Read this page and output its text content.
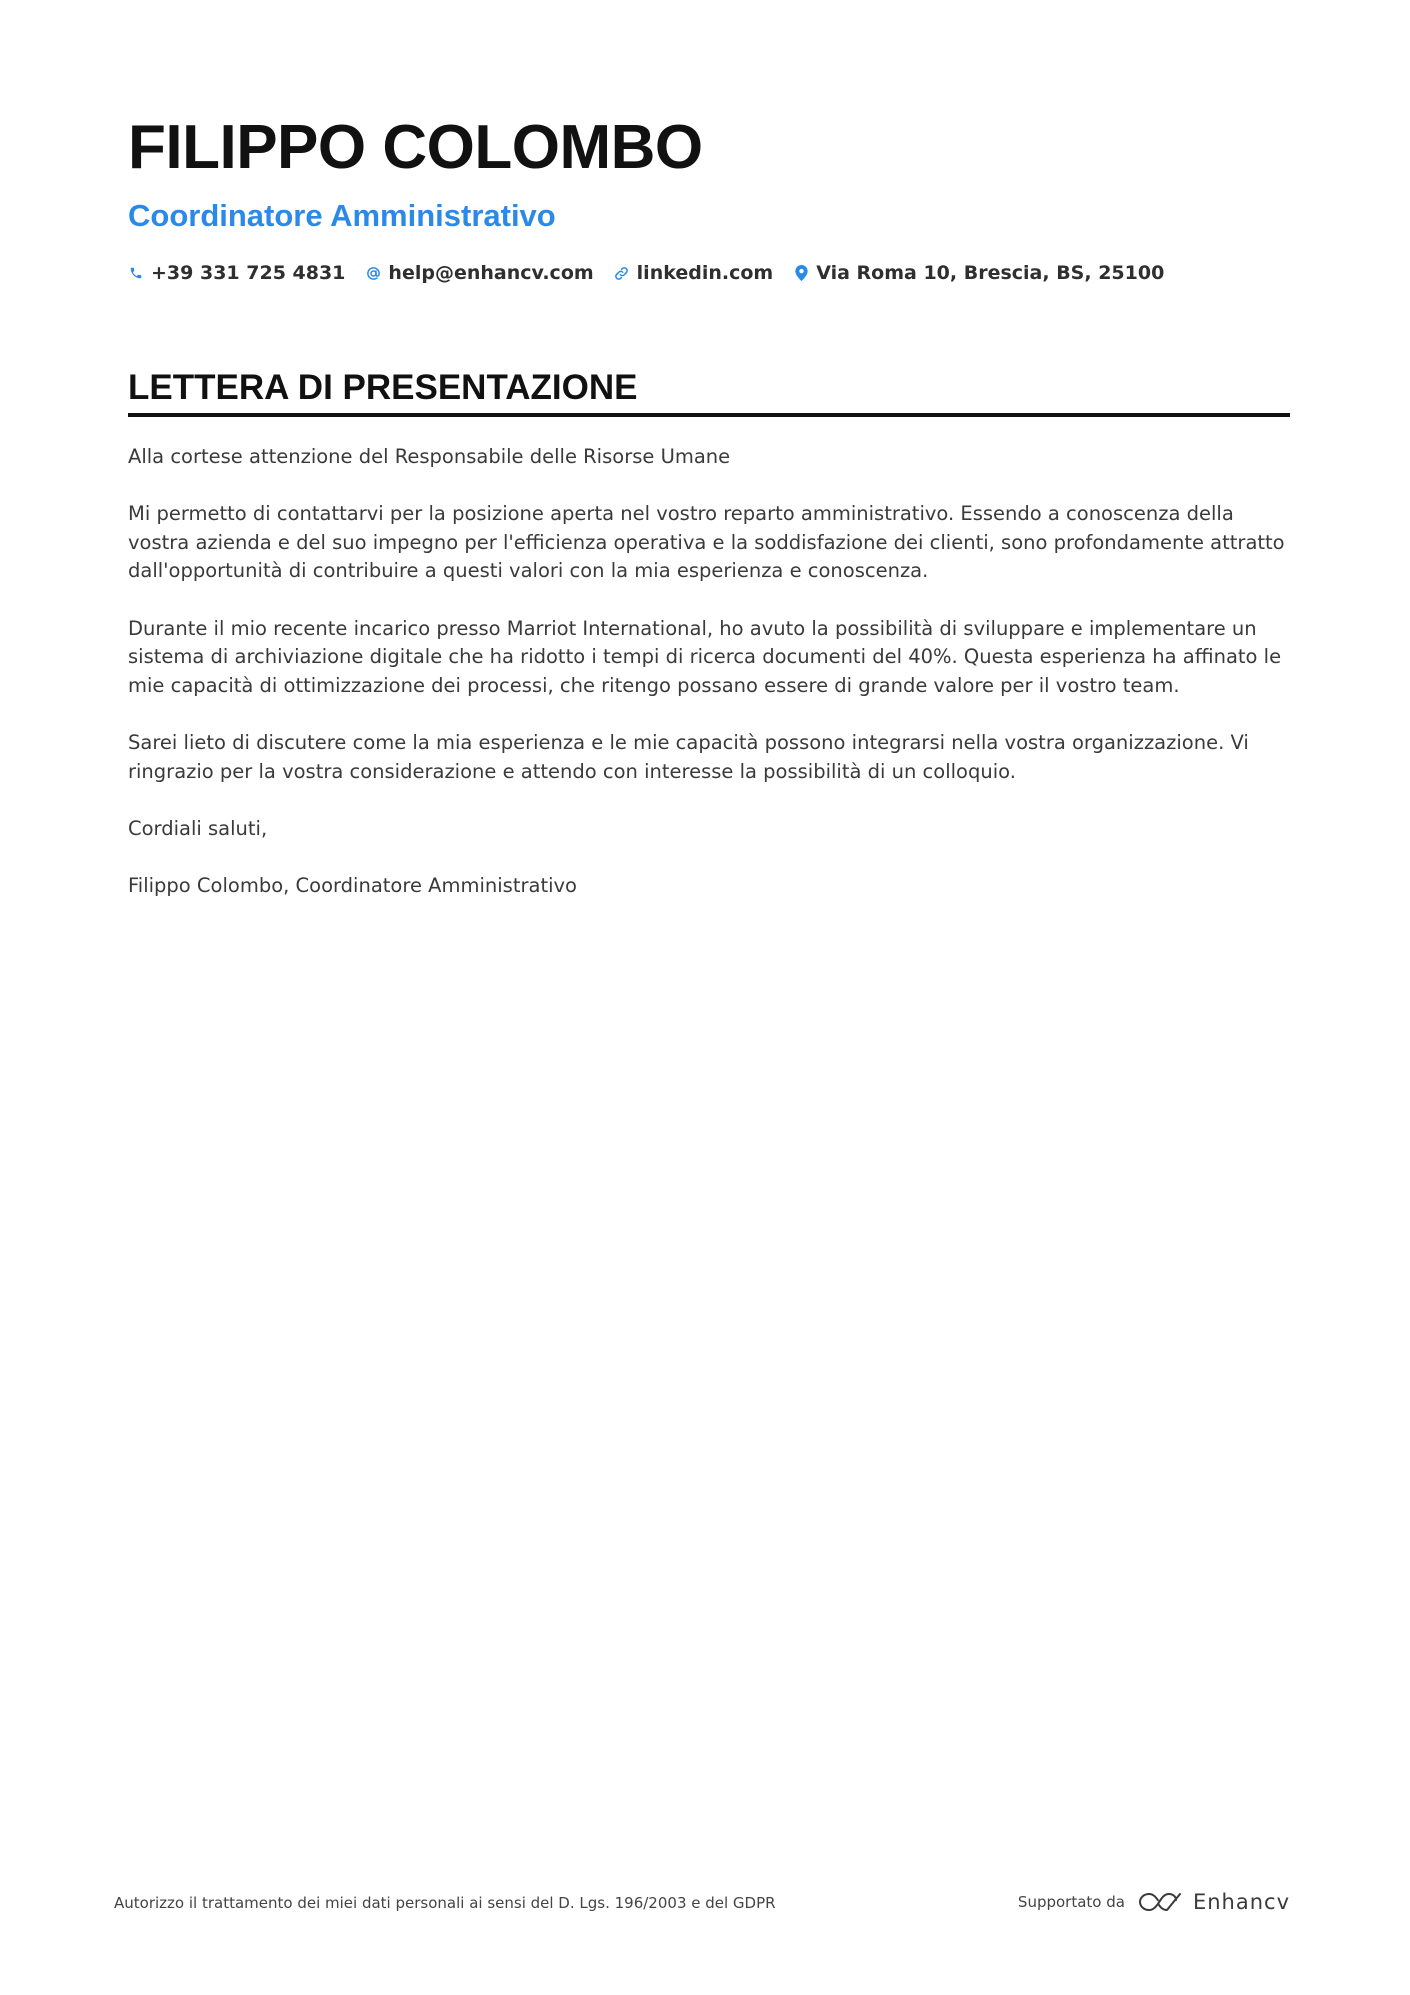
FILIPPO COLOMBO
Coordinatore Amministrativo
+39 331 725 4831 help@enhancv.com linkedin.com Via Roma 10, Brescia, BS, 25100
LETTERA DI PRESENTAZIONE

Alla cortese attenzione del Responsabile delle Risorse Umane

Mi permetto di contattarvi per la posizione aperta nel vostro reparto amministrativo. Essendo a conoscenza della vostra azienda e del suo impegno per l'efficienza operativa e la soddisfazione dei clienti, sono profondamente attratto dall'opportunità di contribuire a questi valori con la mia esperienza e conoscenza.

Durante il mio recente incarico presso Marriot International, ho avuto la possibilità di sviluppare e implementare un sistema di archiviazione digitale che ha ridotto i tempi di ricerca documenti del 40%. Questa esperienza ha affinato le mie capacità di ottimizzazione dei processi, che ritengo possano essere di grande valore per il vostro team.

Sarei lieto di discutere come la mia esperienza e le mie capacità possono integrarsi nella vostra organizzazione. Vi ringrazio per la vostra considerazione e attendo con interesse la possibilità di un colloquio.

Cordiali saluti,

Filippo Colombo, Coordinatore Amministrativo

Autorizzo il trattamento dei miei dati personali ai sensi del D. Lgs. 196/2003 e del GDPR	Supportato da	Enhancv
